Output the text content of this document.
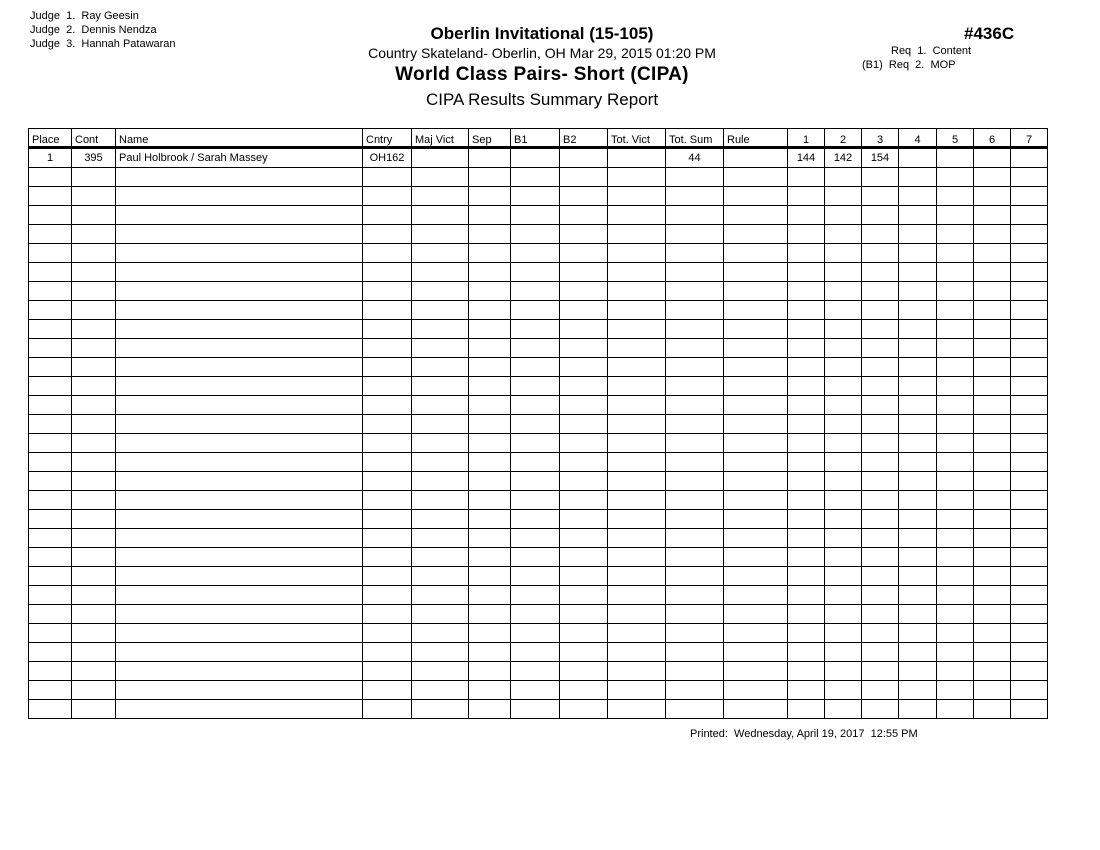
Judge  1.  Ray Geesin
Judge  2.  Dennis Nendza
Judge  3.  Hannah Patawaran
Oberlin Invitational (15-105)
Country Skateland- Oberlin, OH Mar 29, 2015 01:20 PM
World Class Pairs- Short (CIPA)
CIPA Results Summary Report
#436C
Req  1.  Content
(B1)  Req  2.  MOP
Place	Cont	Name	Cntry	Maj Vict	Sep	B1	B2	Tot. Vict	Tot. Sum	Rule	1	2	3	4	5	6	7
1	395	Paul Holbrook / Sarah Massey	OH162						44		144	142	154				

Printed:  Wednesday, April 19, 2017  12:55 PM
